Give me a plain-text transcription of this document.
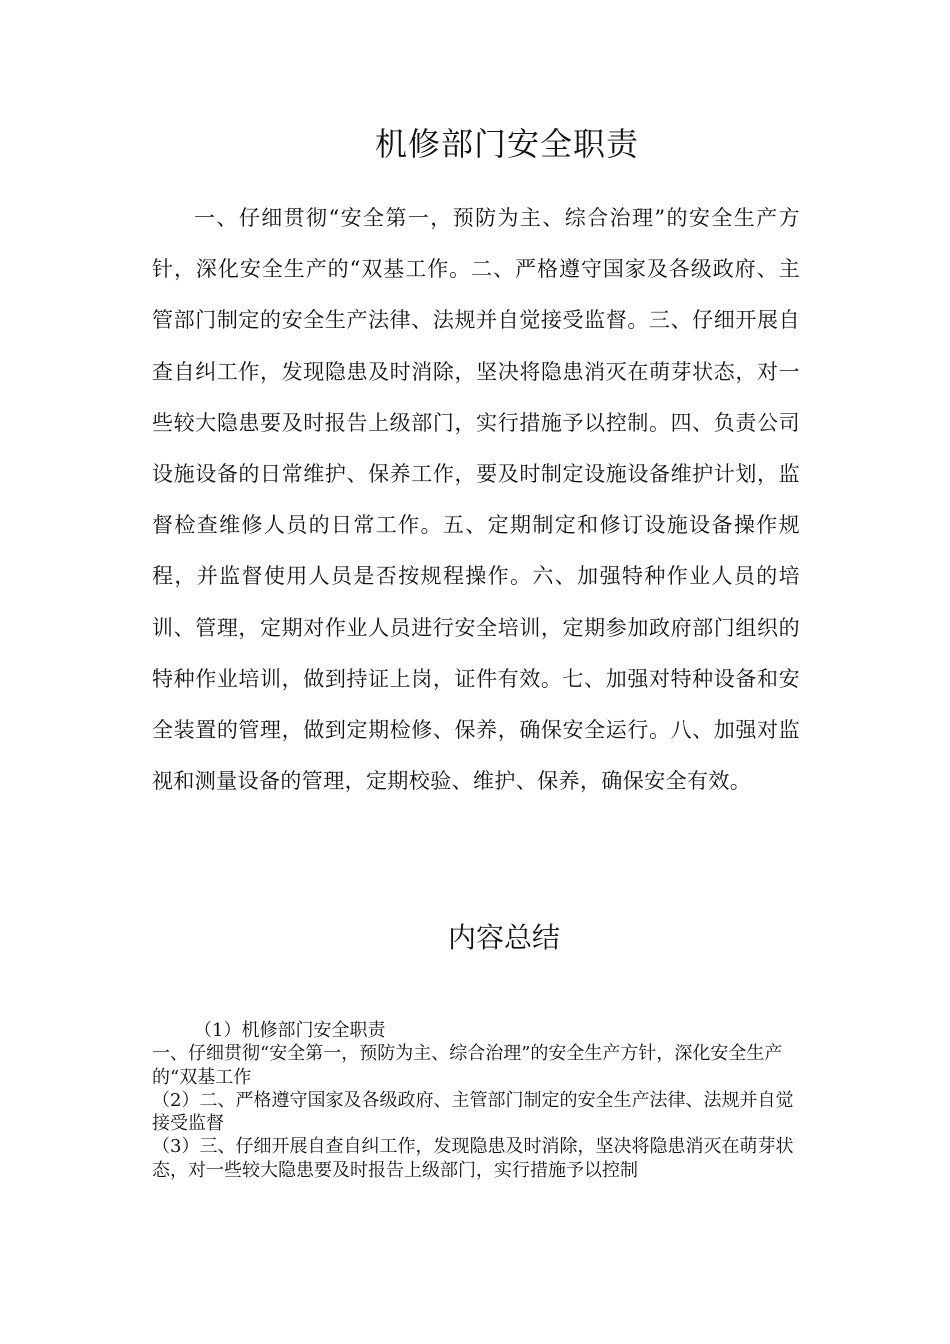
机修部门安全职责

一、仔细贯彻“安全第一，预防为主、综合治理”的安全生产方针，深化安全生产的“双基工作。二、严格遵守国家及各级政府、主管部门制定的安全生产法律、法规并自觉接受监督。三、仔细开展自查自纠工作，发现隐患及时消除，坚决将隐患消灭在萌芽状态，对一些较大隐患要及时报告上级部门，实行措施予以控制。四、负责公司设施设备的日常维护、保养工作，要及时制定设施设备维护计划，监督检查维修人员的日常工作。五、定期制定和修订设施设备操作规程，并监督使用人员是否按规程操作。六、加强特种作业人员的培训、管理，定期对作业人员进行安全培训，定期参加政府部门组织的特种作业培训，做到持证上岗，证件有效。七、加强对特种设备和安全装置的管理，做到定期检修、保养，确保安全运行。八、加强对监视和测量设备的管理，定期校验、维护、保养，确保安全有效。

内容总结

（1）机修部门安全职责

一、仔细贯彻“安全第一，预防为主、综合治理”的安全生产方针，深化安全生产的“双基工作

（2）二、严格遵守国家及各级政府、主管部门制定的安全生产法律、法规并自觉接受监督

（3）三、仔细开展自查自纠工作，发现隐患及时消除，坚决将隐患消灭在萌芽状态，对一些较大隐患要及时报告上级部门，实行措施予以控制
